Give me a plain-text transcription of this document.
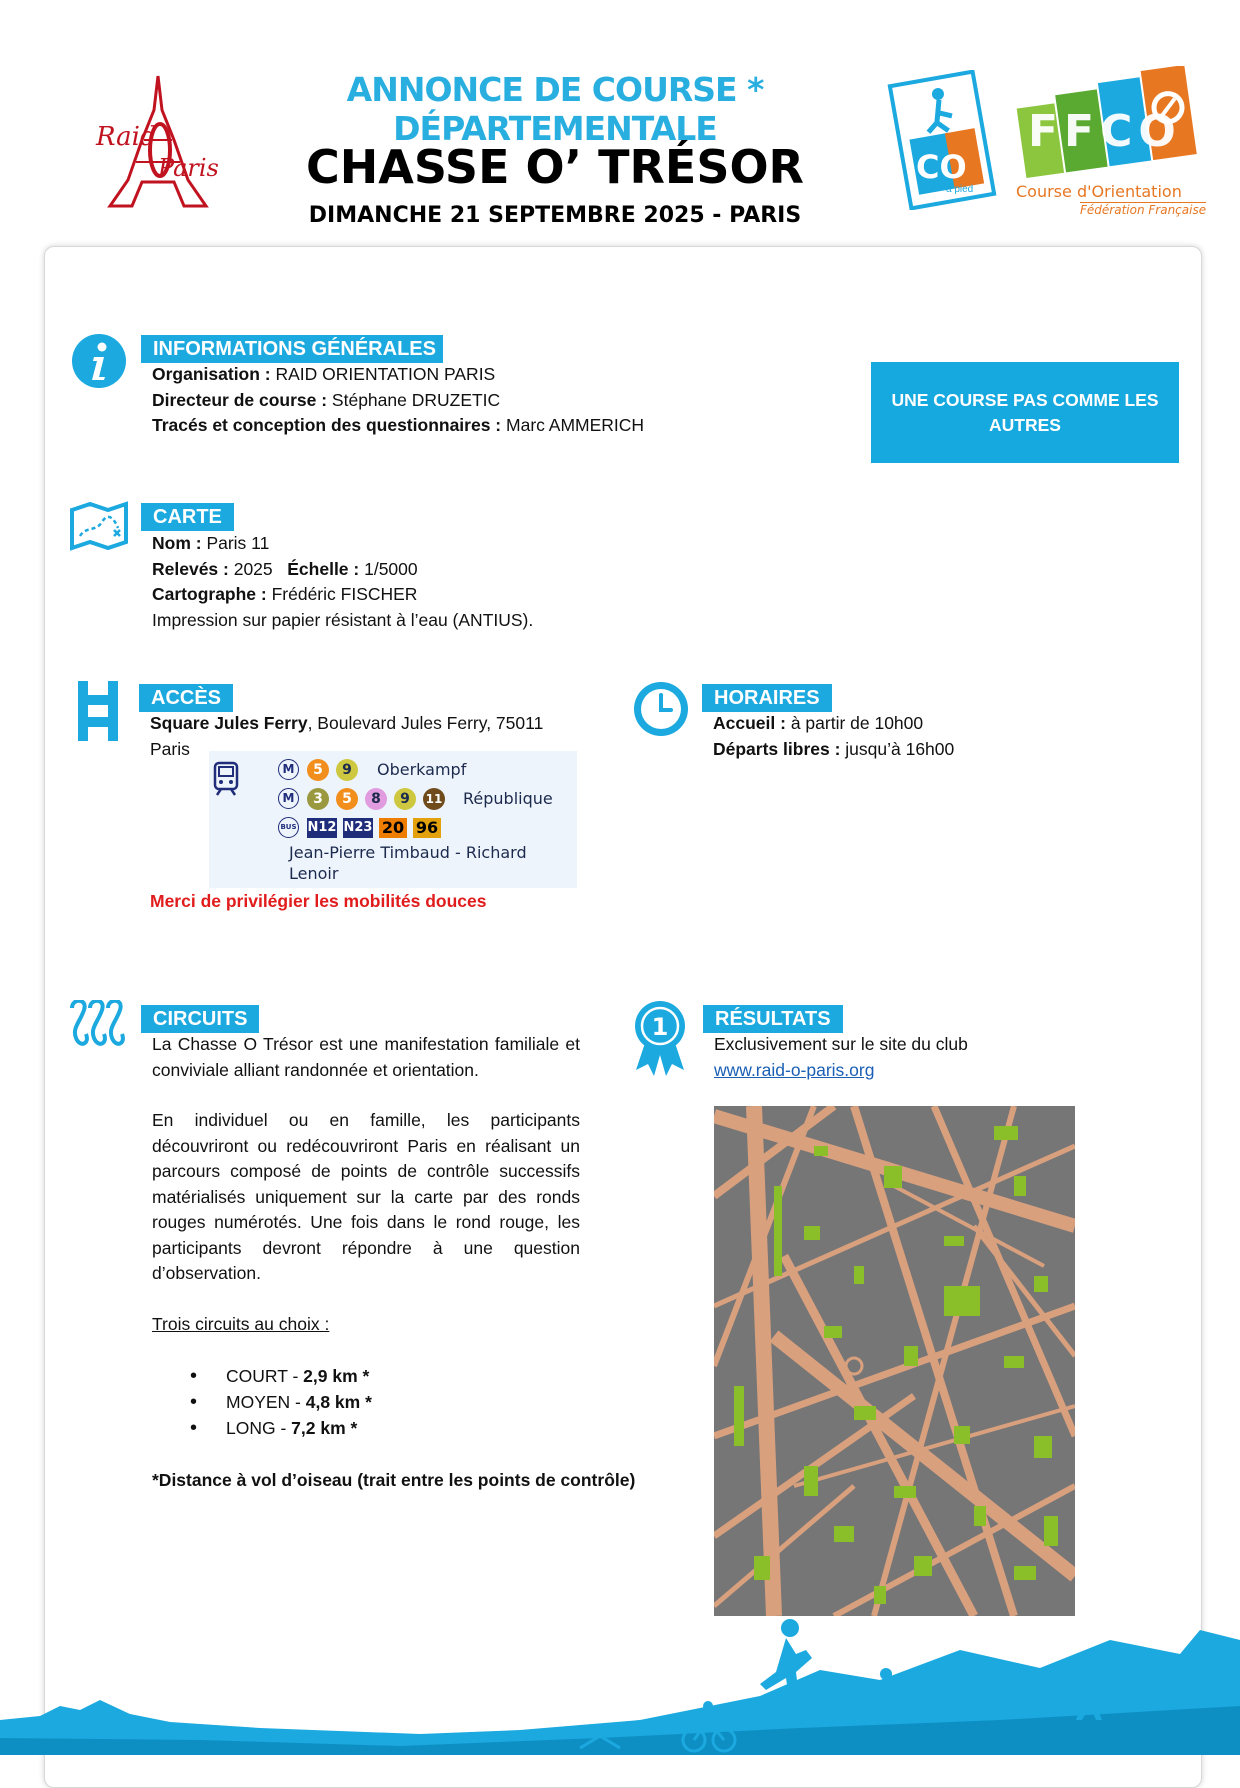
Raid
Paris
ANNONCE DE COURSE * DÉPARTEMENTALE
CHASSE O’ TRÉSOR
DIMANCHE 21 SEPTEMBRE 2025 - PARIS
CO
à pied
FFCO
Course d'Orientation
Fédération Française
INFORMATIONS GÉNÉRALES
Organisation : RAID ORIENTATION PARIS
Directeur de course : Stéphane DRUZETIC
Tracés et conception des questionnaires : Marc AMMERICH
UNE COURSE PAS COMME LES AUTRES
CARTE
Nom : Paris 11
Relevés : 2025 Échelle : 1/5000
Cartographe : Frédéric FISCHER
Impression sur papier résistant à l’eau (ANTIUS).
ACCÈS
Square Jules Ferry, Boulevard Jules Ferry, 75011 Paris
M	5	9	Oberkampf
M	3	5	8	9	11 République
BUS N12 N23 20 96
Jean-Pierre Timbaud - Richard Lenoir
Merci de privilégier les mobilités douces
HORAIRES
Accueil : à partir de 10h00
Départs libres : jusqu’à 16h00
CIRCUITS
La Chasse O Trésor est une manifestation familiale et conviviale alliant randonnée et orientation.
En individuel ou en famille, les participants découvriront ou redécouvriront Paris en réalisant un parcours composé de points de contrôle successifs matérialisés uniquement sur la carte par des ronds rouges numérotés. Une fois dans le rond rouge, les participants devront répondre à une question d’observation.
Trois circuits au choix :
• COURT - 2,9 km *
• MOYEN - 4,8 km *
• LONG - 7,2 km *
*Distance à vol d’oiseau (trait entre les points de contrôle)
1	RÉSULTATS
Exclusivement sur le site du club
www.raid-o-paris.org
